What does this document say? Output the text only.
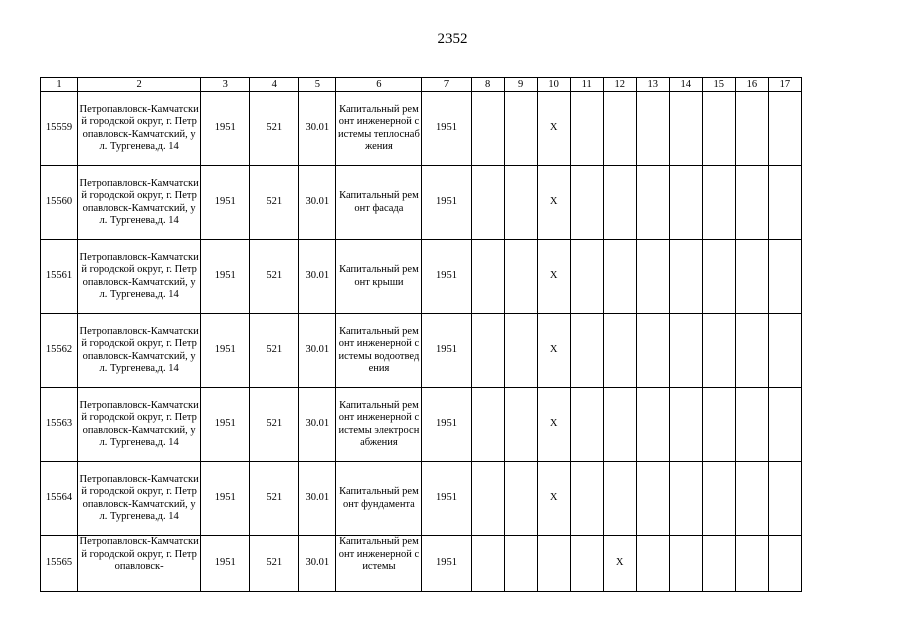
2352
1	2	3	4	5	6	7	8	9	10	11	12	13	14	15	16	17
15559	Петропавловск-Камчатский городской округ, г. Петропавловск-Камчатский, ул. Тургенева,д. 14	1951	521	30.01	Капитальный ремонт инженерной системы теплоснабжения	1951			X							
15560	Петропавловск-Камчатский городской округ, г. Петропавловск-Камчатский, ул. Тургенева,д. 14	1951	521	30.01	Капитальный ремонт фасада	1951			X							
15561	Петропавловск-Камчатский городской округ, г. Петропавловск-Камчатский, ул. Тургенева,д. 14	1951	521	30.01	Капитальный ремонт крыши	1951			X							
15562	Петропавловск-Камчатский городской округ, г. Петропавловск-Камчатский, ул. Тургенева,д. 14	1951	521	30.01	Капитальный ремонт инженерной системы водоотведения	1951			X							
15563	Петропавловск-Камчатский городской округ, г. Петропавловск-Камчатский, ул. Тургенева,д. 14	1951	521	30.01	Капитальный ремонт инженерной системы электроснабжения	1951			X							
15564	Петропавловск-Камчатский городской округ, г. Петропавловск-Камчатский, ул. Тургенева,д. 14	1951	521	30.01	Капитальный ремонт фундамента	1951			X							
15565	Петропавловск-Камчатский городской округ, г. Петропавловск-	1951	521	30.01	Капитальный ремонт инженерной системы	1951					X					
